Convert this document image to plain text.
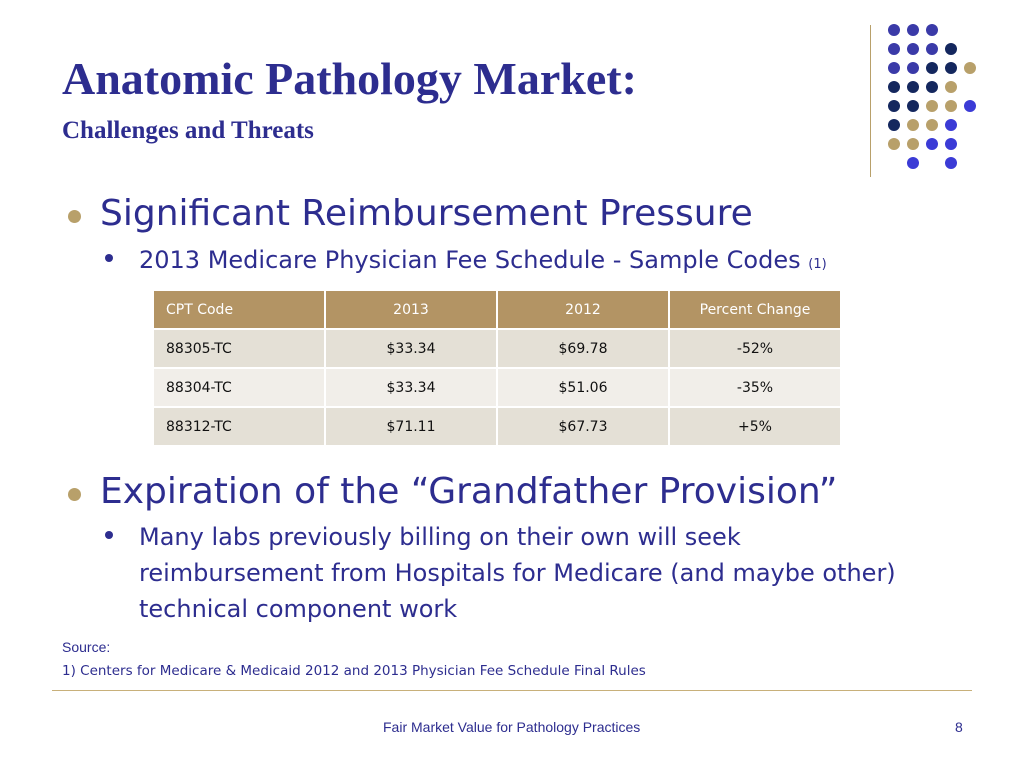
Anatomic Pathology Market:
Challenges and Threats
Significant Reimbursement Pressure
2013 Medicare Physician Fee Schedule - Sample Codes (1)
CPT Code	2013	2012	Percent Change
88305-TC	$33.34	$69.78	-52%
88304-TC	$33.34	$51.06	-35%
88312-TC	$71.11	$67.73	+5%
Expiration of the “Grandfather Provision”
Many labs previously billing on their own will seek
reimbursement from Hospitals for Medicare (and maybe other)
technical component work
Source:
1) Centers for Medicare & Medicaid 2012 and 2013 Physician Fee Schedule Final Rules
Fair Market Value for Pathology Practices	8
